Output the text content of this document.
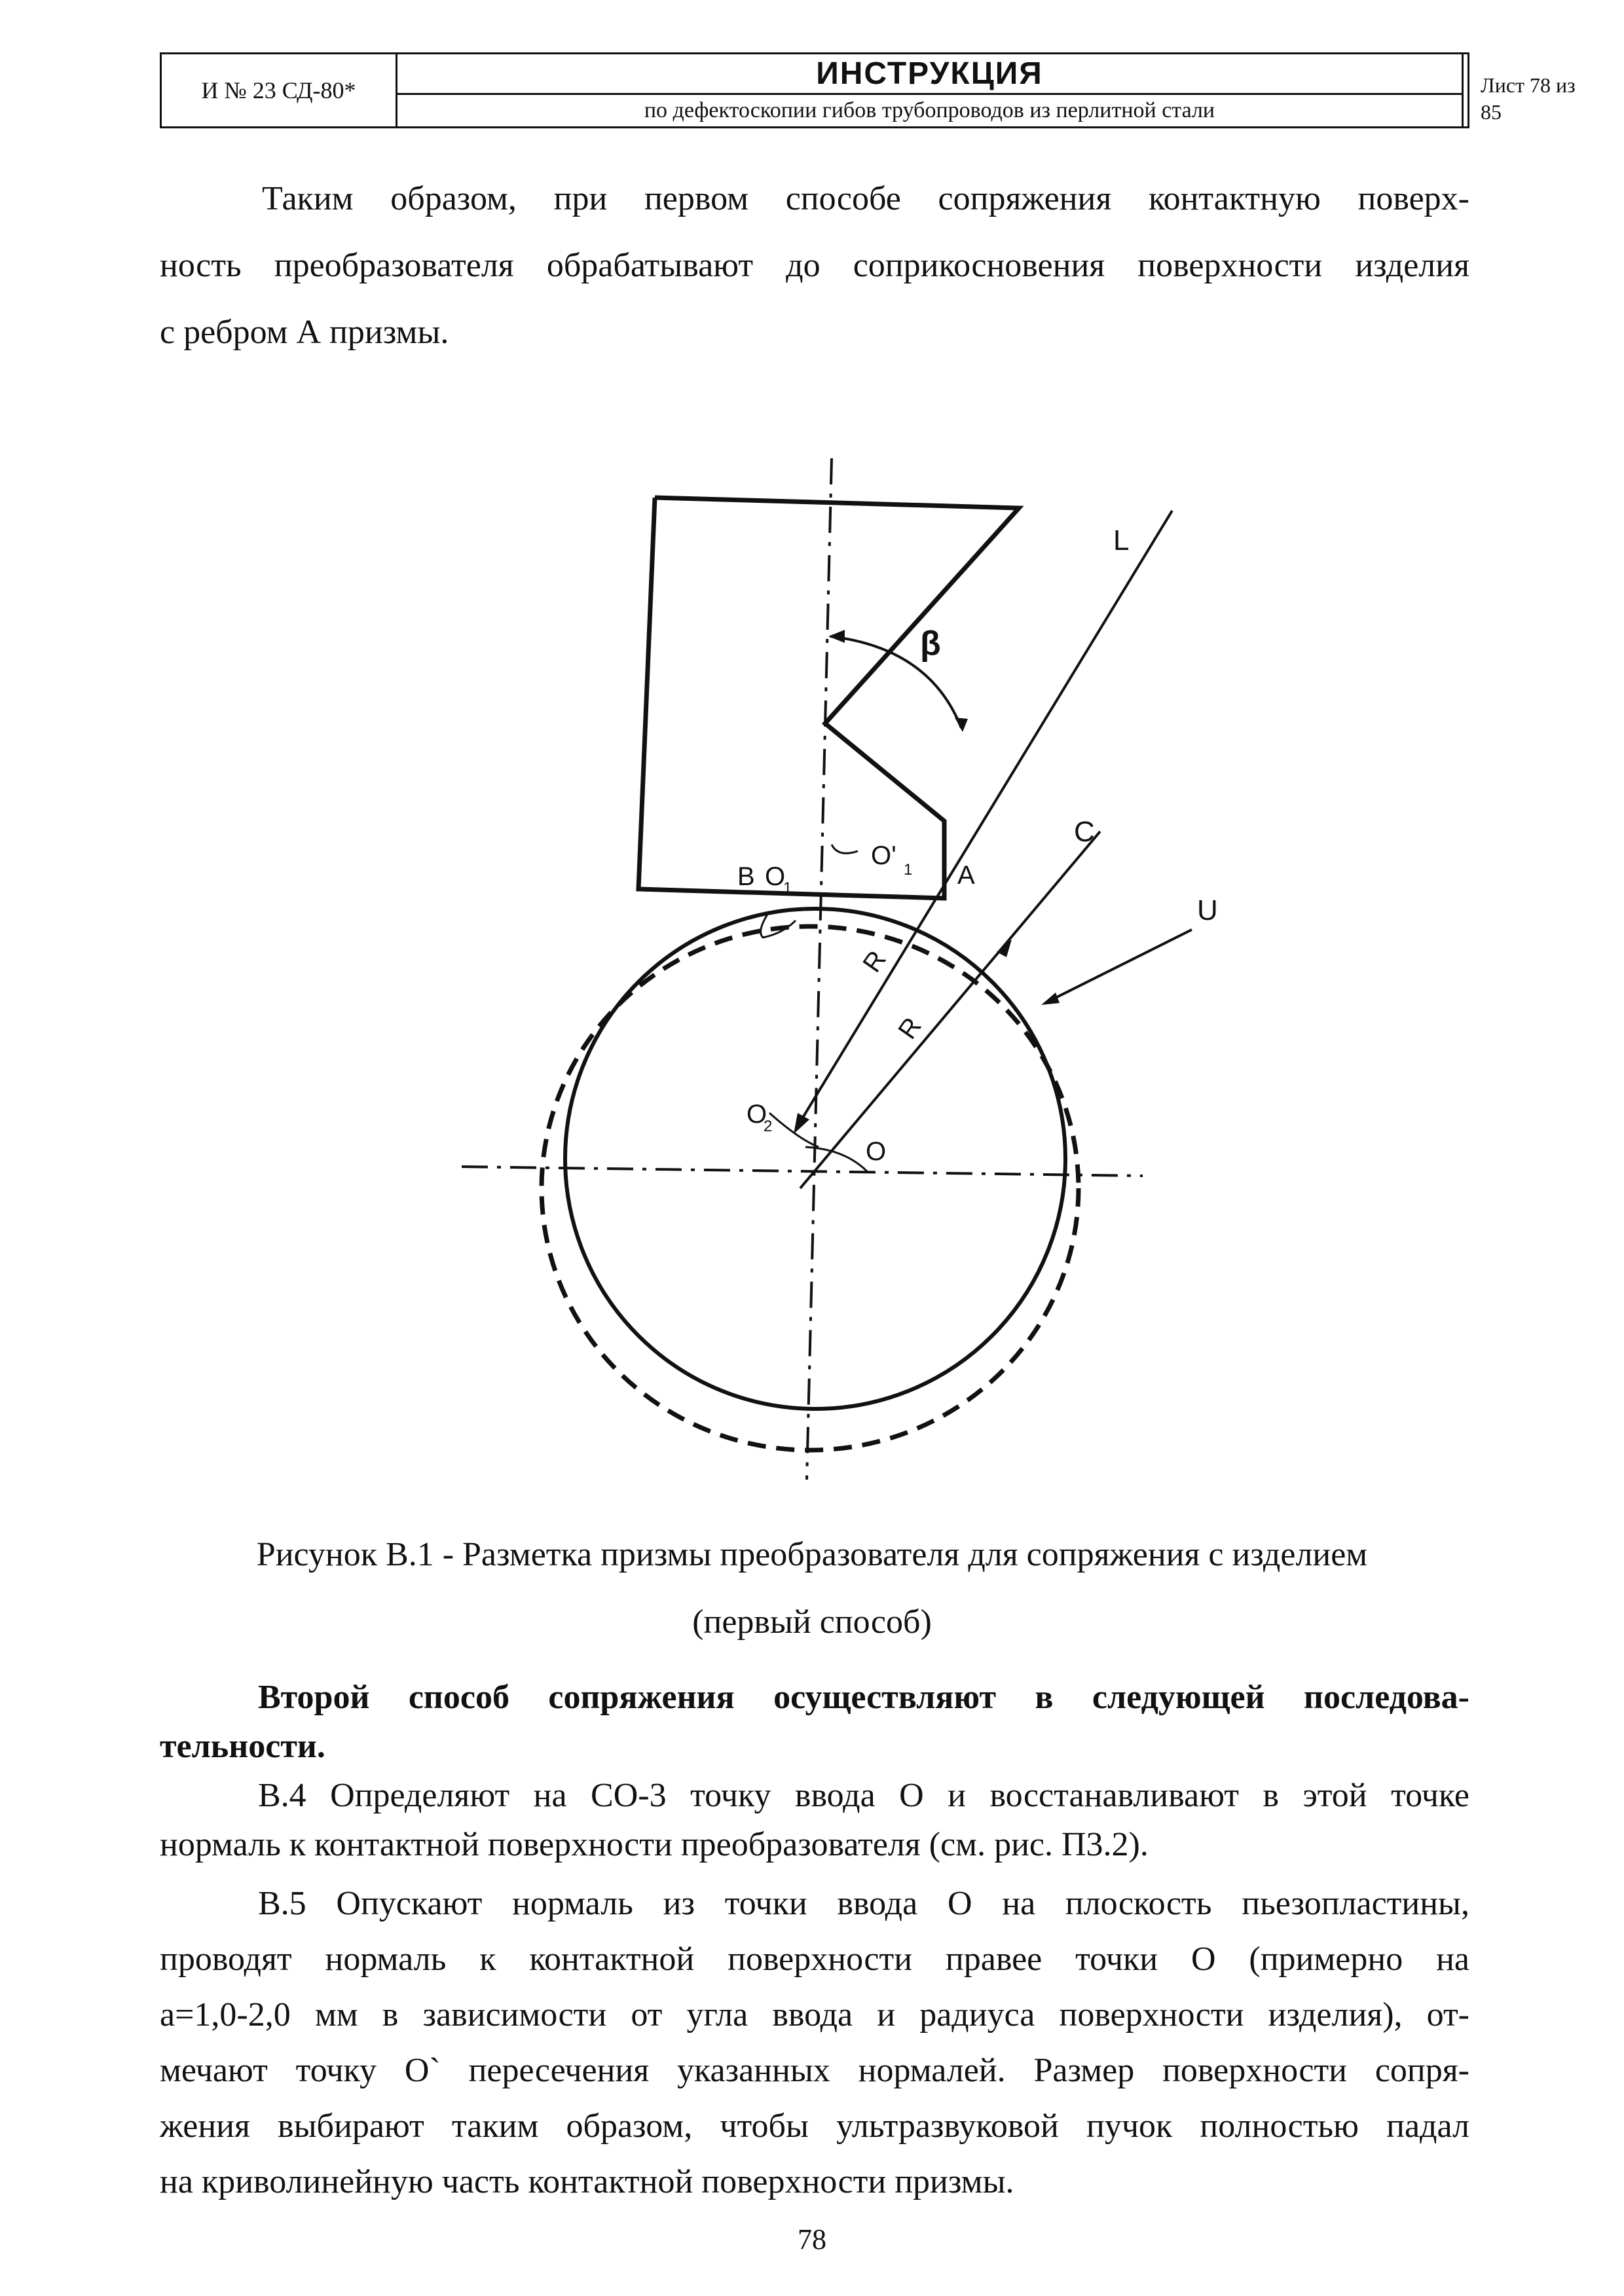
И № 23 СД-80*	ИНСТРУКЦИЯ
по дефектоскопии гибов трубопроводов из перлитной стали
Лист 78 из
85
Таким образом, при первом способе сопряжения контактную поверх-
ность преобразователя обрабатывают до соприкосновения поверхности изделия
с ребром А призмы.
L
β
C
U
B O
1
O' 1 A
R
R
O
2
O
Рисунок В.1 - Разметка призмы преобразователя для сопряжения с изделием
(первый способ)
Второй способ сопряжения осуществляют в следующей последова-
тельности.
В.4 Определяют на СО-3 точку ввода О и восстанавливают в этой точке
нормаль к контактной поверхности преобразователя (см. рис. П3.2).
В.5 Опускают нормаль из точки ввода О на плоскость пьезопластины,
проводят нормаль к контактной поверхности правее точки О (примерно на
а=1,0-2,0 мм в зависимости от угла ввода и радиуса поверхности изделия), от-
мечают точку О` пересечения указанных нормалей. Размер поверхности сопря-
жения выбирают таким образом, чтобы ультразвуковой пучок полностью падал
на криволинейную часть контактной поверхности призмы.
78
